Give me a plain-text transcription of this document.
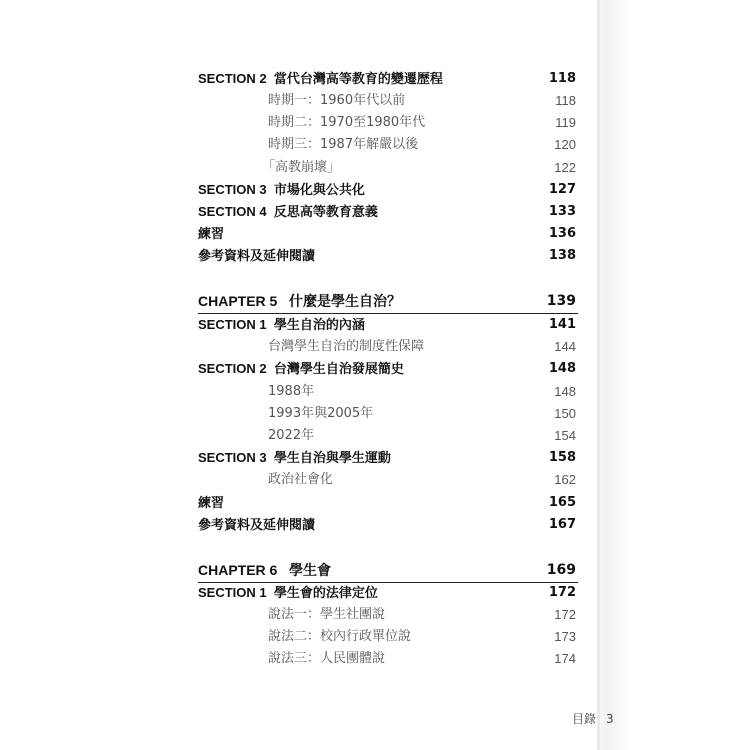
SECTION 2 當代台灣高等教育的變遷歷程	118
時期一：1960年代以前	118
時期二：1970至1980年代	119
時期三：1987年解嚴以後	120
「高教崩壞」	122
SECTION 3 市場化與公共化	127
SECTION 4 反思高等教育意義	133
練習	136
參考資料及延伸閱讀	138
CHAPTER 5 什麼是學生自治？	139
SECTION 1 學生自治的內涵	141
台灣學生自治的制度性保障	144
SECTION 2 台灣學生自治發展簡史	148
1988年	148
1993年與2005年	150
2022年	154
SECTION 3 學生自治與學生運動	158
政治社會化	162
練習	165
參考資料及延伸閱讀	167
CHAPTER 6 學生會	169
SECTION 1 學生會的法律定位	172
說法一：學生社團說	172
說法二：校內行政單位說	173
說法三：人民團體說	174
目錄 3
